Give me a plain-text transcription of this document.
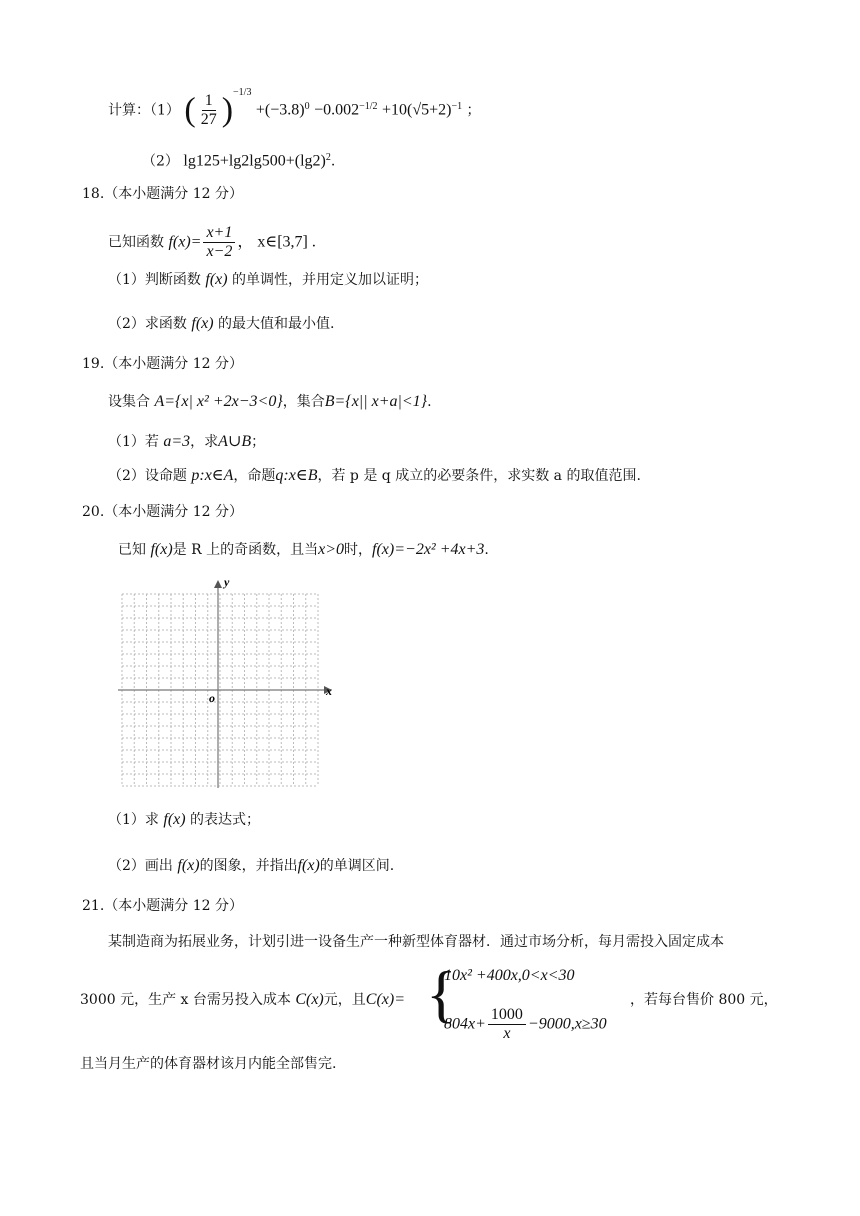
计算：（1） ( $\frac{1}{27} )^{-1/3} +(-3.8)^0 -0.002^{-1/2} +10(√5+2)^{-1}$ ；
（2） $\lg 125+\lg 2\lg 500+(\lg 2)^2$.
18.（本小题满分 12 分）
已知函数 $f(x)= \frac{x+1}{x-2}$ ， x∈[3,7] .
（1）判断函数 f(x) 的单调性，并用定义加以证明；
（2）求函数 f(x) 的最大值和最小值.
19.（本小题满分 12 分）
设集合 A={x| x² +2x−3<0}，集合B={x|| x+a|<1}.
（1）若 a=3，求A∪B；
（2）设命题 p:x∈A，命题q:x∈B，若 p 是 q 成立的必要条件，求实数 a 的取值范围.
20.（本小题满分 12 分）
已知 f(x)是 R 上的奇函数，且当x>0时，f(x)=−2x² +4x+3.
y
x
o
（1）求 f(x) 的表达式；
（2）画出 f(x)的图象，并指出f(x)的单调区间.
21.（本小题满分 12 分）
某制造商为拓展业务，计划引进一设备生产一种新型体育器材．通过市场分析，每月需投入固定成本
3000 元，生产 x 台需另投入成本 C(x)元，且C(x)= {
10x² +400x,0<x<30
$804x+ \frac{1000}{x} -9000,x\ge 30$
，若每台售价 800 元，
且当月生产的体育器材该月内能全部售完.
